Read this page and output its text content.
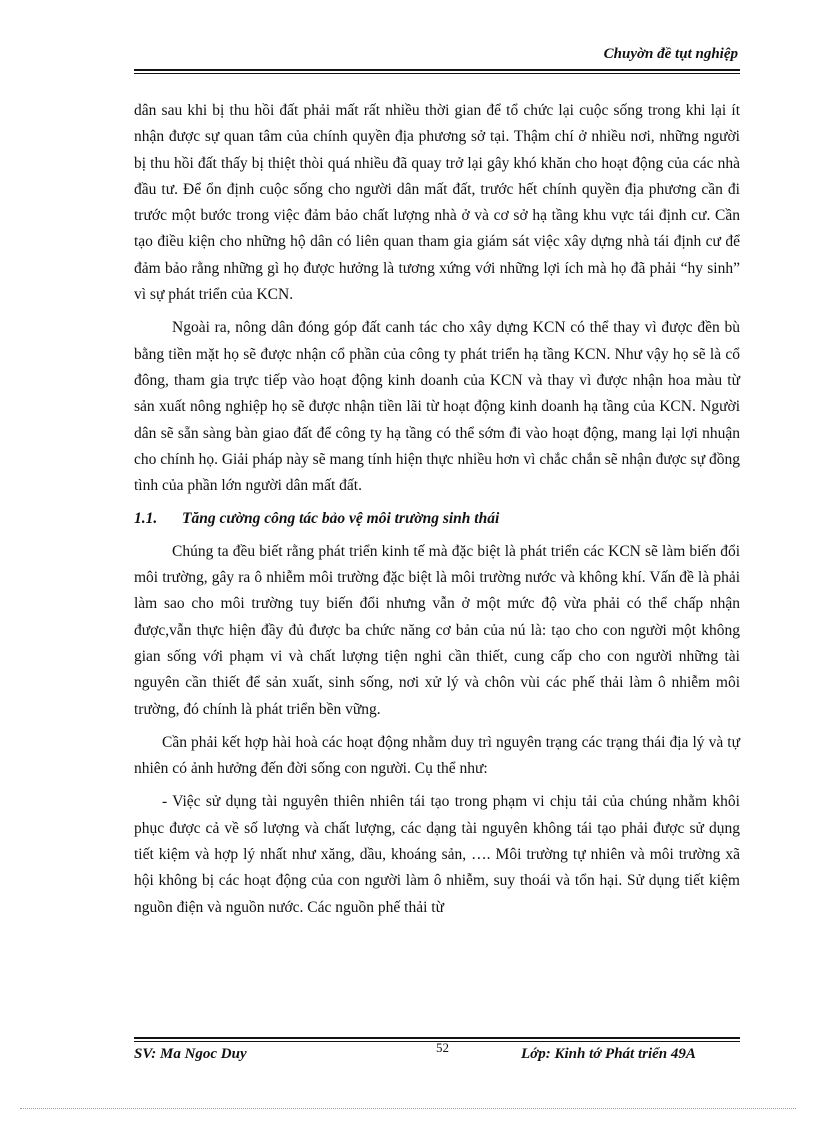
Chuyờn đề tụt nghiệp

dân sau khi bị thu hồi đất phải mất rất nhiều thời gian để tổ chức lại cuộc sống trong khi lại ít nhận được sự quan tâm của chính quyền địa phương sở tại. Thậm chí ở nhiều nơi, những người bị thu hồi đất thấy bị thiệt thòi quá nhiều đã quay trở lại gây khó khăn cho hoạt động của các nhà đầu tư. Để ổn định cuộc sống cho người dân mất đất, trước hết chính quyền địa phương cần đi trước một bước trong việc đảm bảo chất lượng nhà ở và cơ sở hạ tầng khu vực tái định cư. Cần tạo điều kiện cho những hộ dân có liên quan tham gia giám sát việc xây dựng nhà tái định cư để đảm bảo rằng những gì họ được hưởng là tương xứng với những lợi ích mà họ đã phải “hy sinh” vì sự phát triển của KCN.

Ngoài ra, nông dân đóng góp đất canh tác cho xây dựng KCN có thể thay vì được đền bù bằng tiền mặt họ sẽ được nhận cổ phần của công ty phát triển hạ tầng KCN. Như vậy họ sẽ là cổ đông, tham gia trực tiếp vào hoạt động kinh doanh của KCN và thay vì được nhận hoa màu từ sản xuất nông nghiệp họ sẽ được nhận tiền lãi từ hoạt động kinh doanh hạ tầng của KCN. Người dân sẽ sẵn sàng bàn giao đất để công ty hạ tầng có thể sớm đi vào hoạt động, mang lại lợi nhuận cho chính họ. Giải pháp này sẽ mang tính hiện thực nhiều hơn vì chắc chắn sẽ nhận được sự đồng tình của phần lớn người dân mất đất.

1.1. Tăng cường công tác bảo vệ môi trường sinh thái

Chúng ta đều biết rằng phát triển kinh tế mà đặc biệt là phát triển các KCN sẽ làm biến đổi môi trường, gây ra ô nhiễm môi trường đặc biệt là môi trường nước và không khí. Vấn đề là phải làm sao cho môi trường tuy biến đổi nhưng vẫn ở một mức độ vừa phải có thể chấp nhận được,vẫn thực hiện đầy đủ được ba chức năng cơ bản của nú là: tạo cho con người một không gian sống với phạm vi và chất lượng tiện nghi cần thiết, cung cấp cho con người những tài nguyên cần thiết để sản xuất, sinh sống, nơi xử lý và chôn vùi các phế thải làm ô nhiễm môi trường, đó chính là phát triển bền vững.

Cần phải kết hợp hài hoà các hoạt động nhằm duy trì nguyên trạng các trạng thái địa lý và tự nhiên có ảnh hưởng đến đời sống con người. Cụ thể như:

- Việc sử dụng tài nguyên thiên nhiên tái tạo trong phạm vi chịu tải của chúng nhằm khôi phục được cả về số lượng và chất lượng, các dạng tài nguyên không tái tạo phải được sử dụng tiết kiệm và hợp lý nhất như xăng, dầu, khoáng sản, …. Môi trường tự nhiên và môi trường xã hội không bị các hoạt động của con người làm ô nhiễm, suy thoái và tổn hại. Sử dụng tiết kiệm nguồn điện và nguồn nước. Các nguồn phế thải từ

SV: Ma Ngoc Duy	52	Lớp: Kinh tớ Phát triển 49A
